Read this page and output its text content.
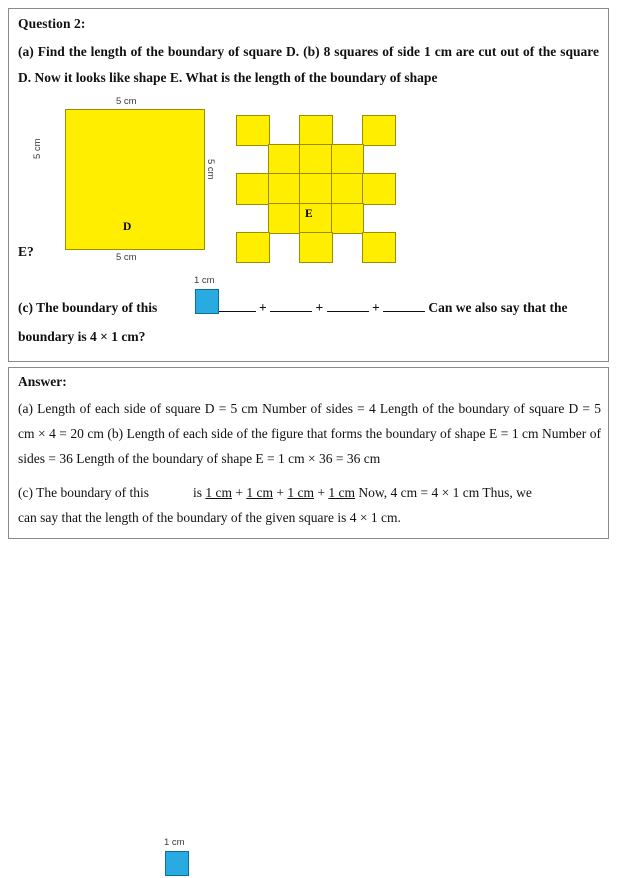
Question 2:
(a) Find the length of the boundary of square D. (b) 8 squares of side 1 cm are cut out of the square D. Now it looks like shape E. What is the length of the boundary of shape
E?
5 cm
5 cm
5 cm
5 cm
D
E
(c) The boundary of this	+	+	+	Can we also say that the
boundary is 4 × 1 cm?
1 cm
Answer:
(a) Length of each side of square D = 5 cm Number of sides = 4 Length of the boundary of square D = 5 cm × 4 = 20 cm (b) Length of each side of the figure that forms the boundary of shape E = 1 cm Number of sides = 36 Length of the boundary of shape E = 1 cm × 36 = 36 cm
(c) The boundary of this	is 1 cm + 1 cm + 1 cm + 1 cm Now, 4 cm = 4 × 1 cm Thus, we
can say that the length of the boundary of the given square is 4 × 1 cm.
1 cm
